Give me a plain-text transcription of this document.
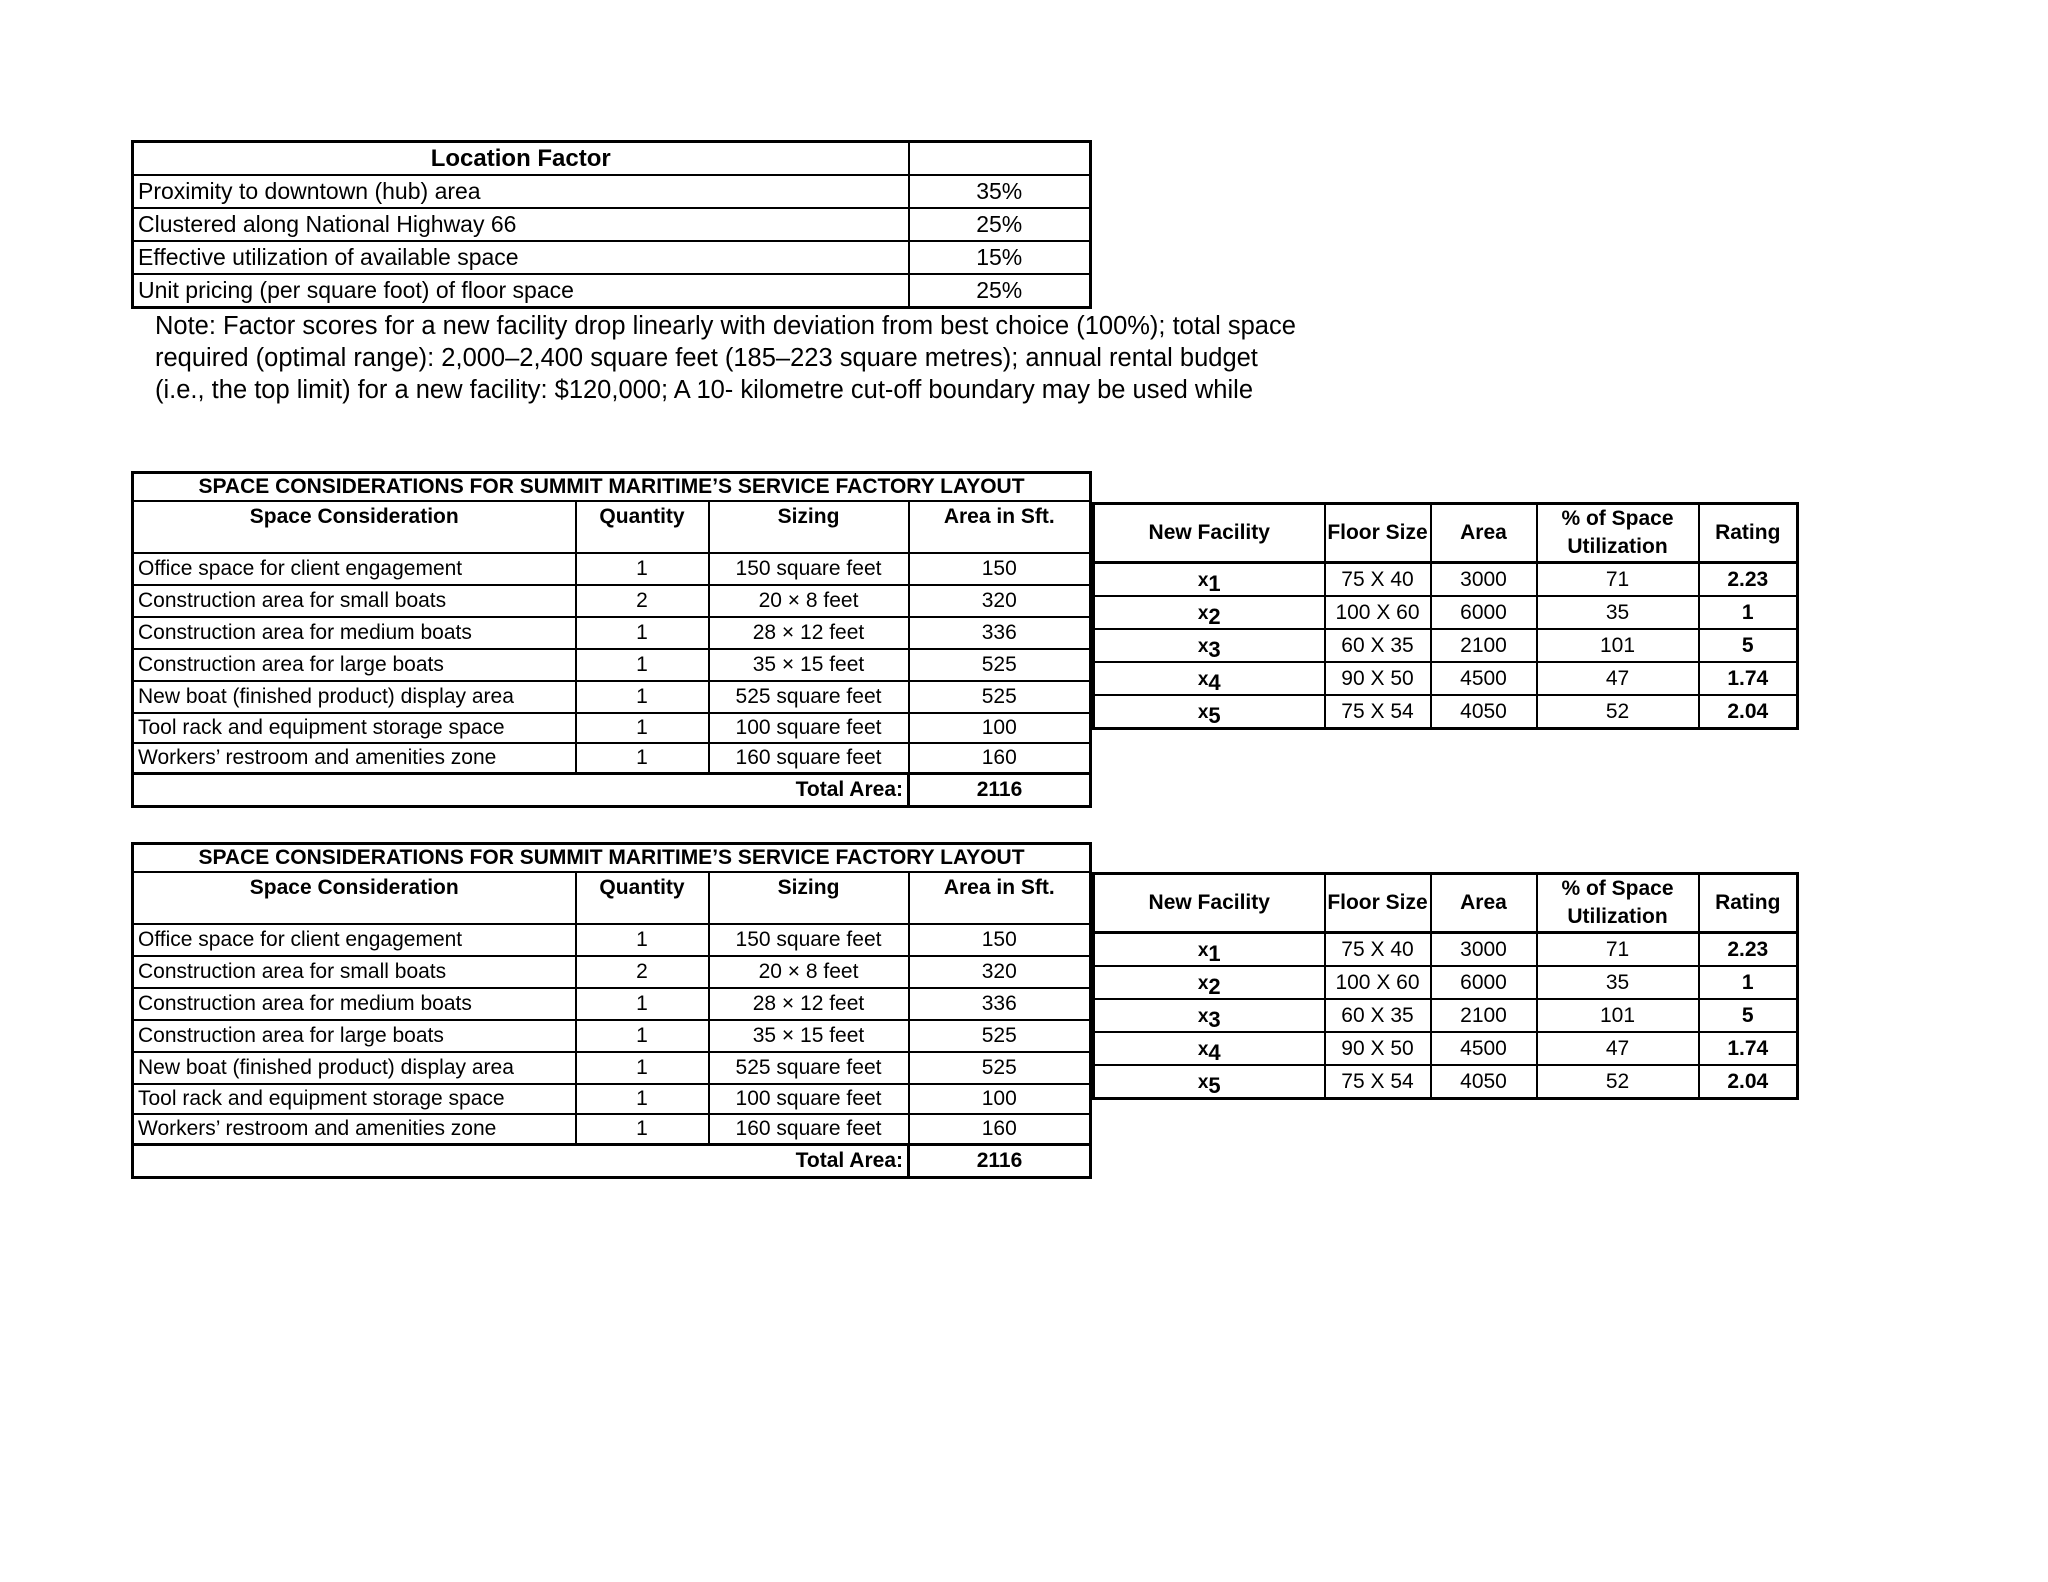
Location Factor	
Proximity to downtown (hub) area	35%
Clustered along National Highway 66	25%
Effective utilization of available space	15%
Unit pricing (per square foot) of floor space	25%
Note: Factor scores for a new facility drop linearly with deviation from best choice (100%); total space
required (optimal range): 2,000–2,400 square feet (185–223 square metres); annual rental budget
(i.e., the top limit) for a new facility: $120,000; A 10- kilometre cut-off boundary may be used while
SPACE CONSIDERATIONS FOR SUMMIT MARITIME’S SERVICE FACTORY LAYOUT			
Space Consideration	Quantity	Sizing	Area in Sft.
Office space for client engagement	1	150 square feet	150
Construction area for small boats	2	20 × 8 feet	320
Construction area for medium boats	1	28 × 12 feet	336
Construction area for large boats	1	35 × 15 feet	525
New boat (finished product) display area	1	525 square feet	525
Tool rack and equipment storage space	1	100 square feet	100
Workers’ restroom and amenities zone	1	160 square feet	160
Total Area:			2116
New Facility	Floor Size	Area	% of Space Utilization	Rating
$x_1$	75 X 40	3000	71	2.23
$x_2$	100 X 60	6000	35	1
$x_3$	60 X 35	2100	101	5
$x_4$	90 X 50	4500	47	1.74
$x_5$	75 X 54	4050	52	2.04
SPACE CONSIDERATIONS FOR SUMMIT MARITIME’S SERVICE FACTORY LAYOUT			
Space Consideration	Quantity	Sizing	Area in Sft.
Office space for client engagement	1	150 square feet	150
Construction area for small boats	2	20 × 8 feet	320
Construction area for medium boats	1	28 × 12 feet	336
Construction area for large boats	1	35 × 15 feet	525
New boat (finished product) display area	1	525 square feet	525
Tool rack and equipment storage space	1	100 square feet	100
Workers’ restroom and amenities zone	1	160 square feet	160
Total Area:			2116
New Facility	Floor Size	Area	% of Space Utilization	Rating
$x_1$	75 X 40	3000	71	2.23
$x_2$	100 X 60	6000	35	1
$x_3$	60 X 35	2100	101	5
$x_4$	90 X 50	4500	47	1.74
$x_5$	75 X 54	4050	52	2.04
